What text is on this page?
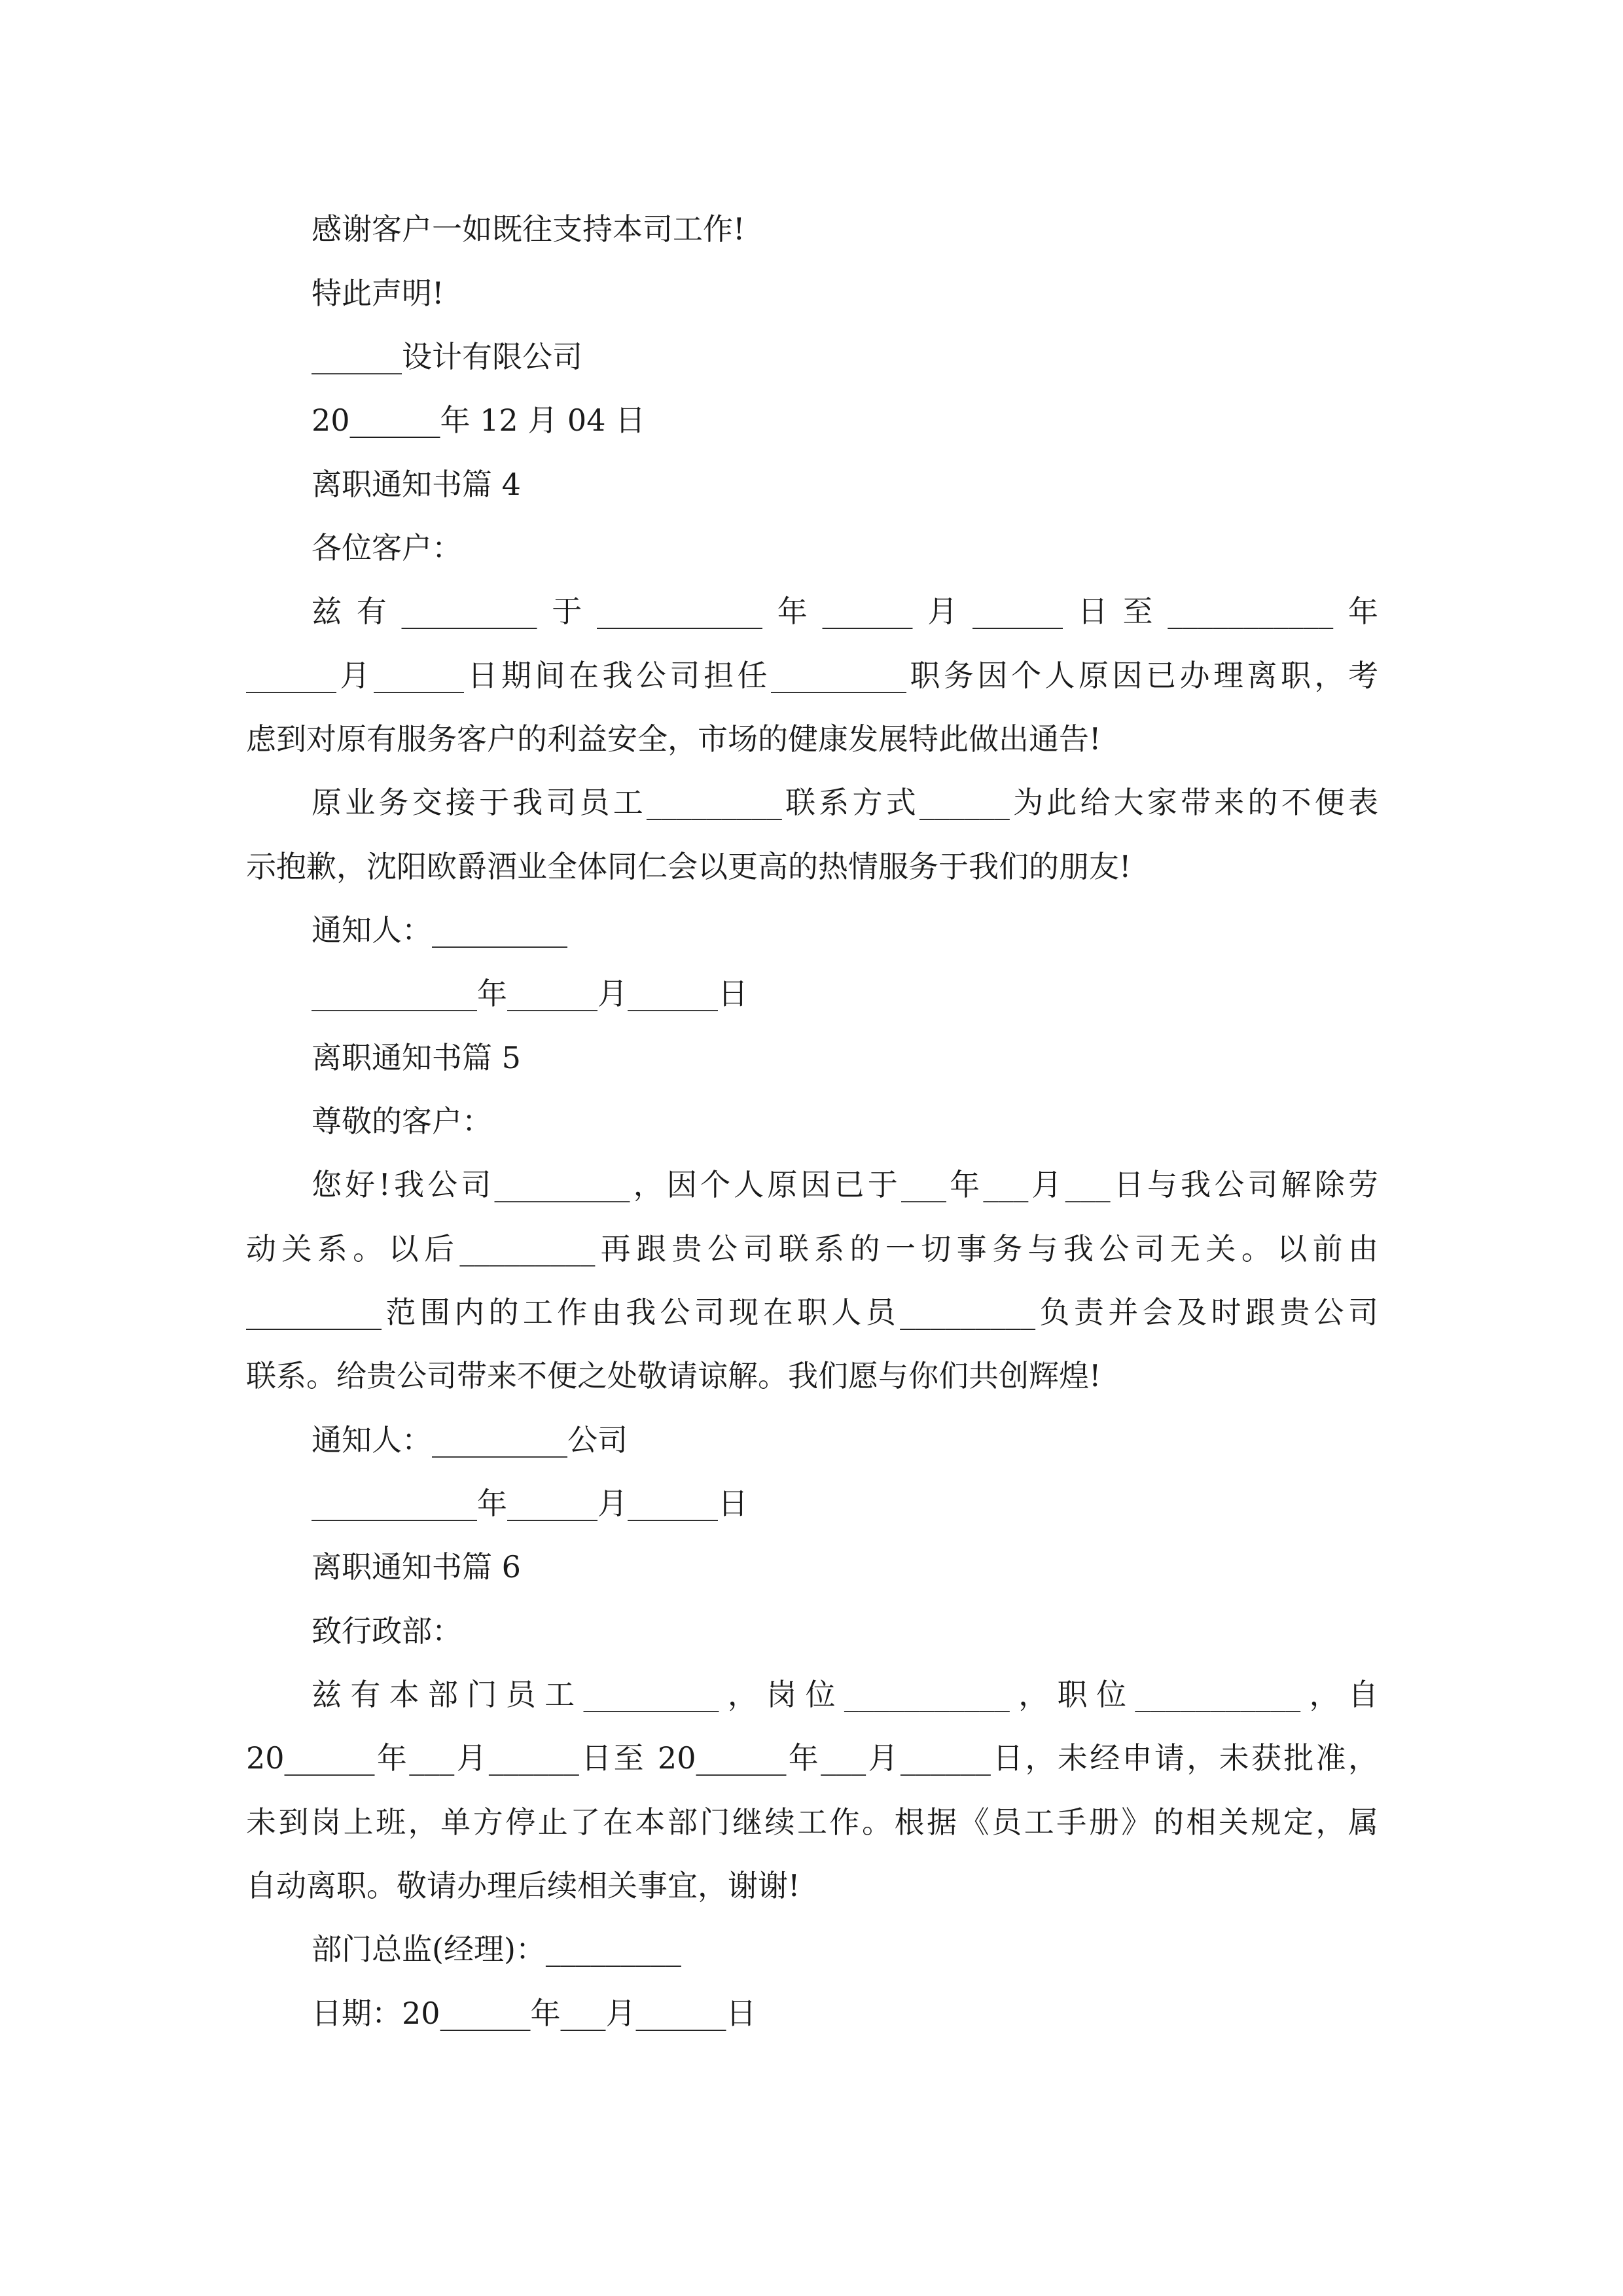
感谢客户一如既往支持本司工作!
特此声明!
______设计有限公司
20______年 12 月 04 日
离职通知书篇 4
各位客户：
兹有_________于___________年______月______日至___________年
______月______日期间在我公司担任_________职务因个人原因已办理离职，考
虑到对原有服务客户的利益安全，市场的健康发展特此做出通告!
原业务交接于我司员工_________联系方式______为此给大家带来的不便表
示抱歉，沈阳欧爵酒业全体同仁会以更高的热情服务于我们的朋友!
通知人：_________
___________年______月______日
离职通知书篇 5
尊敬的客户：
您好!我公司_________，因个人原因已于___年___月___日与我公司解除劳
动关系。以后_________再跟贵公司联系的一切事务与我公司无关。以前由
_________范围内的工作由我公司现在职人员_________负责并会及时跟贵公司
联系。给贵公司带来不便之处敬请谅解。我们愿与你们共创辉煌!
通知人：_________公司
___________年______月______日
离职通知书篇 6
致行政部：
兹有本部门员工_________，岗位___________，职位___________，自
20______年___月______日至 20______年___月______日，未经申请，未获批准，
未到岗上班，单方停止了在本部门继续工作。根据《员工手册》的相关规定，属
自动离职。敬请办理后续相关事宜，谢谢!
部门总监(经理)：_________
日期：20______年___月______日
